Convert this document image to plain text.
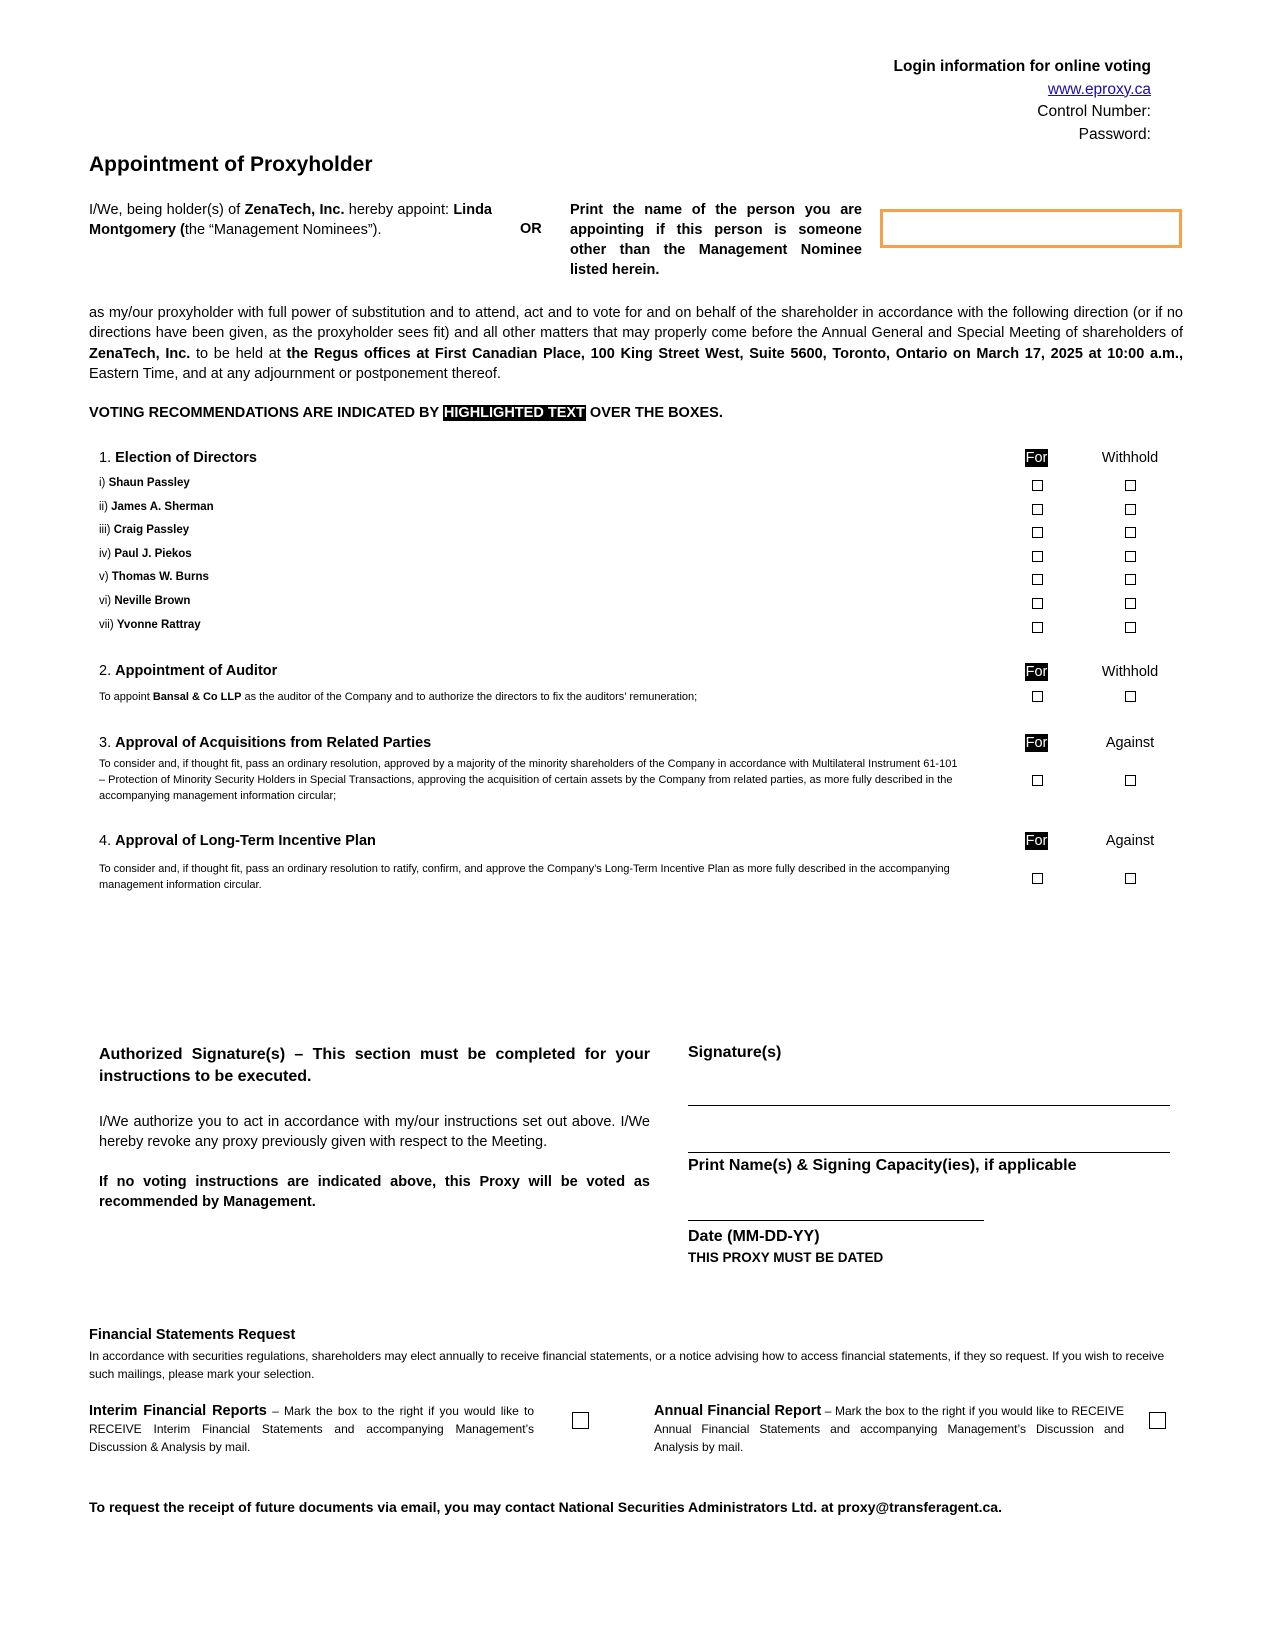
Login information for online voting
www.eproxy.ca
Control Number:
Password:
Appointment of Proxyholder
I/We, being holder(s) of ZenaTech, Inc. hereby appoint: Linda Montgomery (the “Management Nominees”).	OR
Print the name of the person you are appointing if this person is someone other than the Management Nominee listed herein.
as my/our proxyholder with full power of substitution and to attend, act and to vote for and on behalf of the shareholder in accordance with the following direction (or if no directions have been given, as the proxyholder sees fit) and all other matters that may properly come before the Annual General and Special Meeting of shareholders of ZenaTech, Inc. to be held at the Regus offices at First Canadian Place, 100 King Street West, Suite 5600, Toronto, Ontario on March 17, 2025 at 10:00 a.m., Eastern Time, and at any adjournment or postponement thereof.
VOTING RECOMMENDATIONS ARE INDICATED BY HIGHLIGHTED TEXT OVER THE BOXES.
1. Election of Directors	For	Withhold
i) Shaun Passley
ii) James A. Sherman
iii) Craig Passley
iv) Paul J. Piekos
v) Thomas W. Burns
vi) Neville Brown
vii) Yvonne Rattray
2. Appointment of Auditor	For	Withhold
To appoint Bansal & Co LLP as the auditor of the Company and to authorize the directors to fix the auditors’ remuneration;
3. Approval of Acquisitions from Related Parties	For	Against
To consider and, if thought fit, pass an ordinary resolution, approved by a majority of the minority shareholders of the Company in accordance with Multilateral Instrument 61-101 – Protection of Minority Security Holders in Special Transactions, approving the acquisition of certain assets by the Company from related parties, as more fully described in the accompanying management information circular;
4. Approval of Long-Term Incentive Plan	For	Against
To consider and, if thought fit, pass an ordinary resolution to ratify, confirm, and approve the Company’s Long-Term Incentive Plan as more fully described in the accompanying management information circular.
Authorized Signature(s) – This section must be completed for your instructions to be executed.
I/We authorize you to act in accordance with my/our instructions set out above. I/We hereby revoke any proxy previously given with respect to the Meeting.
If no voting instructions are indicated above, this Proxy will be voted as recommended by Management.
Signature(s)
Print Name(s) & Signing Capacity(ies), if applicable
Date (MM-DD-YY)
THIS PROXY MUST BE DATED
Financial Statements Request
In accordance with securities regulations, shareholders may elect annually to receive financial statements, or a notice advising how to access financial statements, if they so request. If you wish to receive such mailings, please mark your selection.
Interim Financial Reports – Mark the box to the right if you would like to RECEIVE Interim Financial Statements and accompanying Management’s Discussion & Analysis by mail.
Annual Financial Report – Mark the box to the right if you would like to RECEIVE Annual Financial Statements and accompanying Management’s Discussion and Analysis by mail.
To request the receipt of future documents via email, you may contact National Securities Administrators Ltd. at proxy@transferagent.ca.
